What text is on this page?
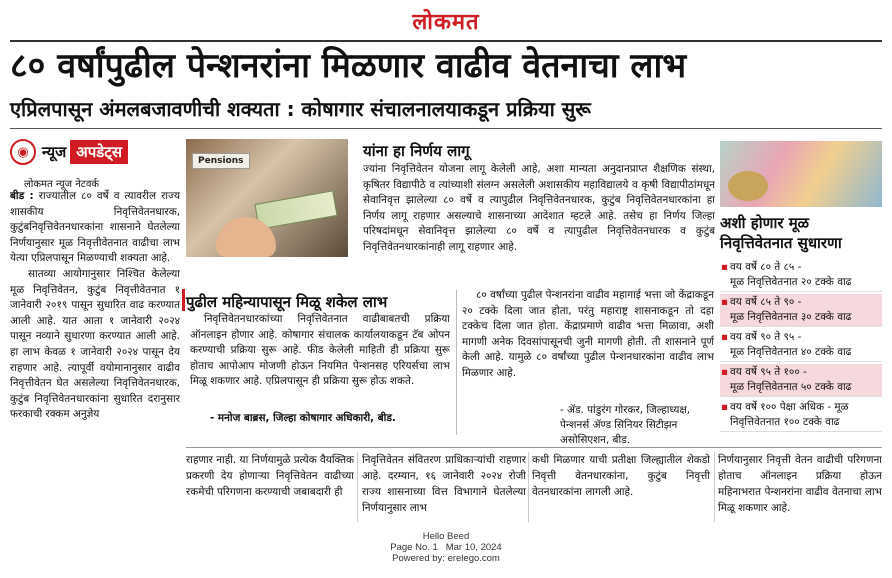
लोकमत
८० वर्षांपुढील पेन्शनरांना मिळणार वाढीव वेतनाचा लाभ
एप्रिलपासून अंमलबजावणीची शक्यता : कोषागार संचालनालयाकडून प्रक्रिया सुरू
◉ न्यूज अपडेट्स
लोकमत न्यूज नेटवर्क

बीड : राज्यातील ८० वर्षे व त्यावरील राज्य शासकीय निवृत्तिवेतनधारक, कुटुंबनिवृत्तिवेतनधारकांना शासनाने घेतलेल्या निर्णयानुसार मूळ निवृत्तीवेतनात वाढीचा लाभ येत्या एप्रिलपासून मिळण्याची शक्यता आहे.

सातव्या आयोगानुसार निश्चित केलेल्या मूळ निवृत्तिवेतन, कुटुंब निवृत्तीवेतनात १ जानेवारी २०१९ पासून सुधारित वाढ करण्यात आली आहे. यात आता १ जानेवारी २०२४ पासून नव्याने सुधारणा करण्यात आली आहे. हा लाभ केवळ १ जानेवारी २०२४ पासून देय राहणार आहे. त्यापूर्वी वयोमानानुसार वाढीव निवृत्तीवेतन घेत असलेल्या निवृत्तिवेतनधारक, कुटुंब निवृत्तिवेतनधारकांना सुधारित दरानुसार फरकाची रक्कम अनुज्ञेय

Pensions
यांना हा निर्णय लागू
ज्यांना निवृत्तिवेतन योजना लागू केलेली आहे, अशा मान्यता अनुदानप्राप्त शैक्षणिक संस्था, कृषितर विद्यापीठे व त्यांच्याशी संलग्न असलेली अशासकीय महाविद्यालये व कृषी विद्यापीठांमधून सेवानिवृत्त झालेल्या ८० वर्षे व त्यापुढील निवृत्तिवेतनधारक, कुटुंब निवृत्तिवेतनधारकांना हा निर्णय लागू राहणार असल्याचे शासनाच्या आदेशात म्हटले आहे. तसेच हा निर्णय जिल्हा परिषदांमधून सेवानिवृत्त झालेल्या ८० वर्षे व त्यापुढील निवृत्तिवेतनधारक व कुटुंब निवृत्तिवेतनधारकांनाही लागू राहणार आहे.
पुढील महिन्यापासून मिळू शकेल लाभ
निवृत्तिवेतनधारकांच्या निवृत्तिवेतनात वाढीबाबतची प्रक्रिया ऑनलाइन होणार आहे. कोषागार संचालक कार्यालयाकडून टॅब ओपन करण्याची प्रक्रिया सुरू आहे. फीड केलेली माहिती ही प्रक्रिया सुरू होताच आपोआप मोजणी होऊन नियमित पेन्शनसह एरियर्सचा लाभ मिळू शकणार आहे. एप्रिलपासून ही प्रक्रिया सुरू होऊ शकते.
- मनोज बाब्रस, जिल्हा कोषागार अधिकारी, बीड.
८० वर्षांच्या पुढील पेन्शनरांना वाढीव महागाई भत्ता जो केंद्राकडून २० टक्के दिला जात होता, परंतु महाराष्ट्र शासनाकडून तो दहा टक्केच दिला जात होता. केंद्राप्रमाणे वाढीव भत्ता मिळावा, अशी मागणी अनेक दिवसांपासूनची जुनी मागणी होती. ती शासनाने पूर्ण केली आहे. यामुळे ८० वर्षांच्या पुढील पेन्शनधारकांना वाढीव लाभ मिळणार आहे.
- ॲड. पांडुरंग गोरकर, जिल्हाध्यक्ष, पेन्शनर्स ॲण्ड सिनियर सिटीझन असोसिएशन, बीड.
अशी होणार मूळ निवृत्तिवेतनात सुधारणा
▪ वय वर्षे ८० ते ८५ -
मूळ निवृत्तिवेतनात २० टक्के वाढ
▪ वय वर्षे ८५ ते ९० -
मूळ निवृत्तिवेतनात ३० टक्के वाढ
▪ वय वर्षे ९० ते ९५ -
मूळ निवृत्तिवेतनात ४० टक्के वाढ
▪ वय वर्षे ९५ ते १०० -
मूळ निवृत्तिवेतनात ५० टक्के वाढ
▪ वय वर्षे १०० पेक्षा अधिक - मूळ
निवृत्तिवेतनात १०० टक्के वाढ
राहणार नाही. या निर्णयामुळे प्रत्येक वैयक्तिक प्रकरणी देय होणाऱ्या निवृत्तिवेतन वाढीच्या रकमेची परिगणना करण्याची जबाबदारी ही
निवृत्तिवेतन संवितरण प्राधिकाऱ्यांची राहणार आहे. दरम्यान, १६ जानेवारी २०२४ रोजी राज्य शासनाच्या वित्त विभागाने घेतलेल्या निर्णयानुसार लाभ
कधी मिळणार याची प्रतीक्षा जिल्ह्यातील शेकडो निवृत्ती वेतनधारकांना, कुटुंब निवृत्ती वेतनधारकांना लागली आहे.
निर्णयानुसार निवृत्ती वेतन वाढीची परिगणना होताच ऑनलाइन प्रक्रिया होऊन महिनाभरात पेन्शनरांना वाढीव वेतनाचा लाभ मिळू शकणार आहे.
Hello Beed
Page No. 1   Mar 10, 2024
Powered by: erelego.com
